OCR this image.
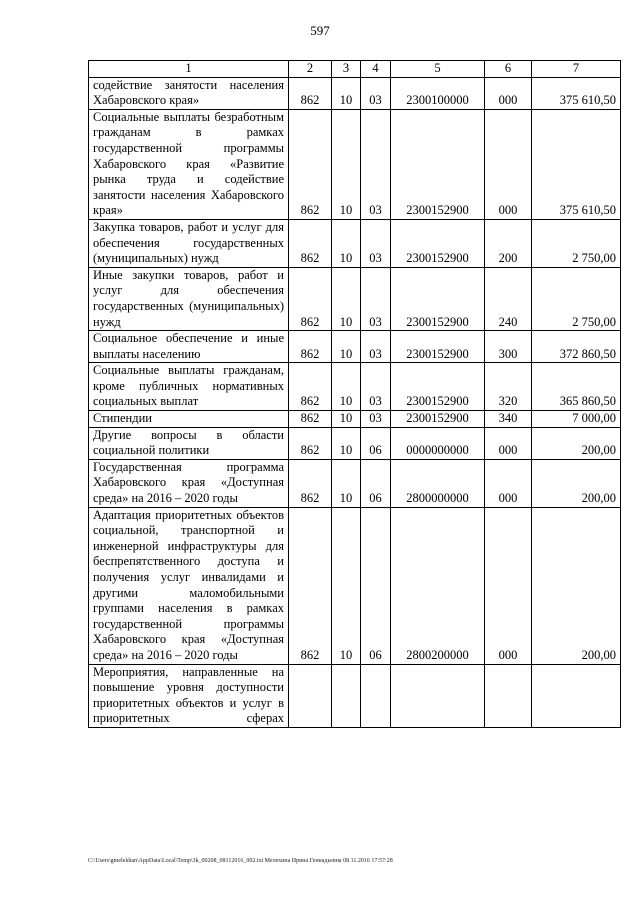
597
1	2	3	4	5	6	7
содействие занятости населения Хабаровского края»	862	10	03	2300100000	000	375 610,50
Социальные выплаты безработным гражданам в рамках государственной программы Хабаровского края «Развитие рынка труда и содействие занятости населения Хабаровского края»	862	10	03	2300152900	000	375 610,50
Закупка товаров, работ и услуг для обеспечения государственных (муниципальных) нужд	862	10	03	2300152900	200	2 750,00
Иные закупки товаров, работ и услуг для обеспечения государственных (муниципальных) нужд	862	10	03	2300152900	240	2 750,00
Социальное обеспечение и иные выплаты населению	862	10	03	2300152900	300	372 860,50
Социальные выплаты гражданам, кроме публичных нормативных социальных выплат	862	10	03	2300152900	320	365 860,50
Стипендии	862	10	03	2300152900	340	7 000,00
Другие вопросы в области социальной политики	862	10	06	0000000000	000	200,00
Государственная программа Хабаровского края «Доступная среда» на 2016 – 2020 годы	862	10	06	2800000000	000	200,00
Адаптация приоритетных объектов социальной, транспортной и инженерной инфраструктуры для беспрепятственного доступа и получения услуг инвалидами и другими маломобильными группами населения в рамках государственной программы Хабаровского края «Доступная среда» на 2016 – 2020 годы	862	10	06	2800200000	000	200,00
Мероприятия, направленные на повышение уровня доступности приоритетных объектов и услуг в приоритетных сферах						
C:\Users\gmelekhan\AppData\Local\Temp\3k_00208_08112016_002.txt Мелехина Ирина Геннадьевна 08.11.2016 17:57:28
